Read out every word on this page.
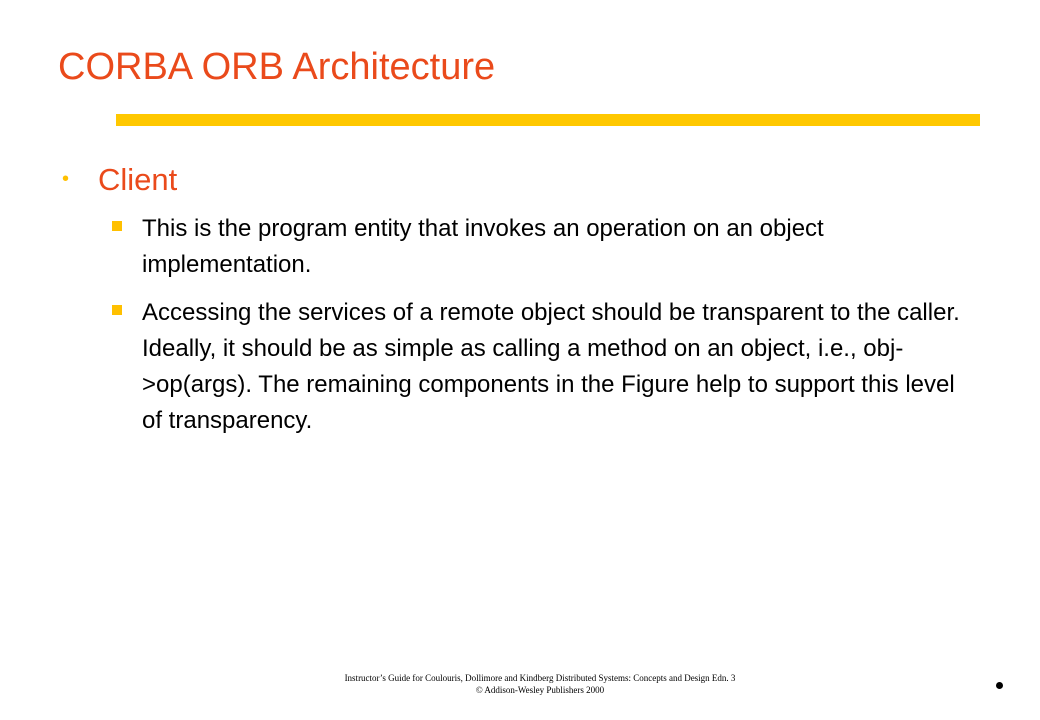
CORBA ORB Architecture
• Client
This is the program entity that invokes an operation on an object implementation.
Accessing the services of a remote object should be transparent to the caller. Ideally, it should be as simple as calling a method on an object, i.e., obj->op(args). The remaining components in the Figure help to support this level of transparency.
Instructor’s Guide for Coulouris, Dollimore and Kindberg Distributed Systems: Concepts and Design Edn. 3
© Addison-Wesley Publishers 2000
